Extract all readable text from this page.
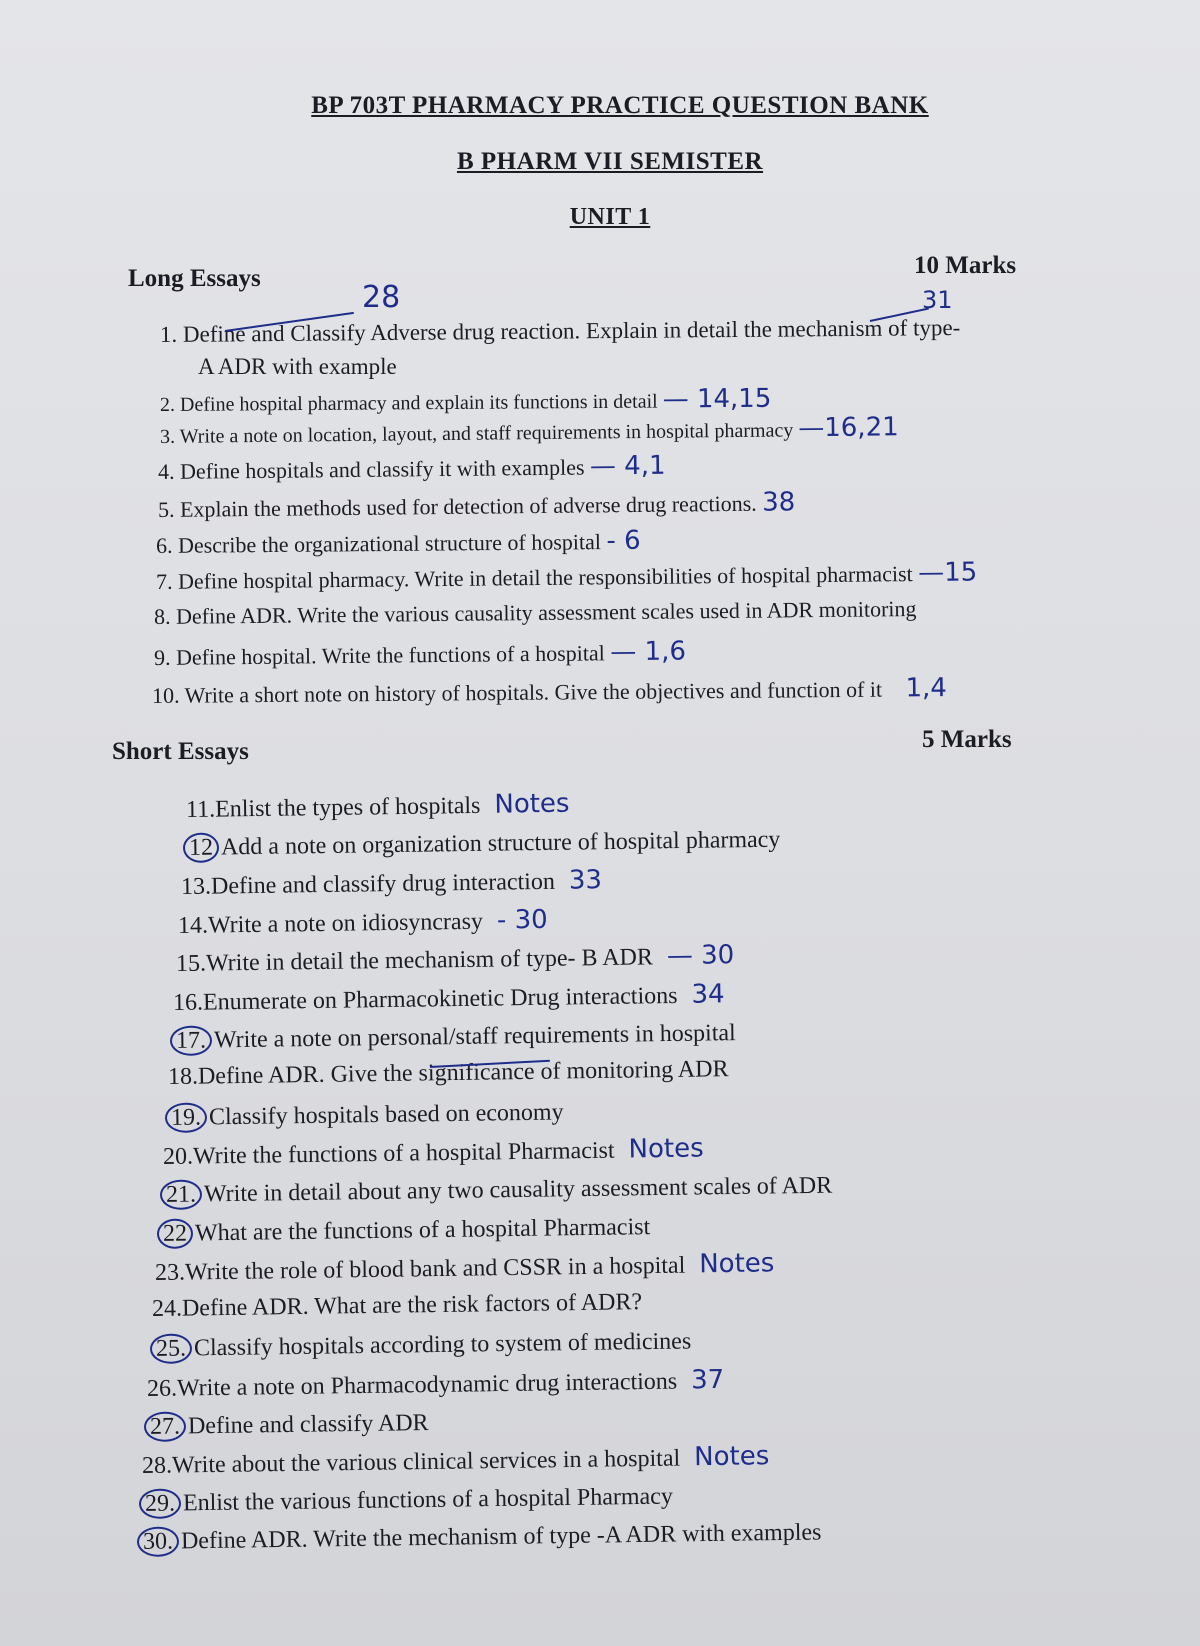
BP 703T PHARMACY PRACTICE QUESTION BANK
B PHARM VII SEMISTER
UNIT 1
Long Essays	10 Marks
28	31
1. Define and Classify Adverse drug reaction. Explain in detail the mechanism of type-
A ADR with example
2. Define hospital pharmacy and explain its functions in detail — 14,15
3. Write a note on location, layout, and staff requirements in hospital pharmacy —16,21
4. Define hospitals and classify it with examples — 4,1
5. Explain the methods used for detection of adverse drug reactions. 38
6. Describe the organizational structure of hospital - 6
7. Define hospital pharmacy. Write in detail the responsibilities of hospital pharmacist —15
8. Define ADR. Write the various causality assessment scales used in ADR monitoring
9. Define hospital. Write the functions of a hospital — 1,6
10. Write a short note on history of hospitals. Give the objectives and function of it 1,4
Short Essays	5 Marks
11.Enlist the types of hospitals Notes
12 Add a note on organization structure of hospital pharmacy
13.Define and classify drug interaction 33
14.Write a note on idiosyncrasy - 30
15.Write in detail the mechanism of type- B ADR — 30
16.Enumerate on Pharmacokinetic Drug interactions 34
17. Write a note on personal/staff requirements in hospital
18.Define ADR. Give the significance of monitoring ADR
19. Classify hospitals based on economy
20.Write the functions of a hospital Pharmacist Notes
21. Write in detail about any two causality assessment scales of ADR
22 What are the functions of a hospital Pharmacist
23.Write the role of blood bank and CSSR in a hospital Notes
24.Define ADR. What are the risk factors of ADR?
25. Classify hospitals according to system of medicines
26.Write a note on Pharmacodynamic drug interactions 37
27. Define and classify ADR
28.Write about the various clinical services in a hospital Notes
29. Enlist the various functions of a hospital Pharmacy
30. Define ADR. Write the mechanism of type -A ADR with examples
